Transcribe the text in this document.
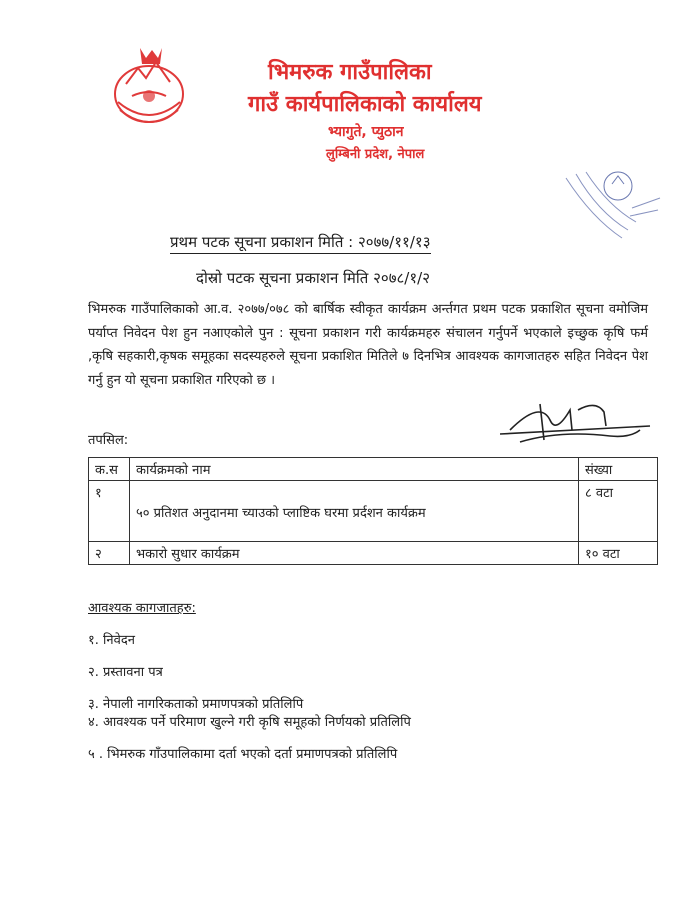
भिमरुक गाउँपालिका
गाउँ कार्यपालिकाको कार्यालय
भ्यागुते, प्युठान
लुम्बिनी प्रदेश, नेपाल
प्रथम पटक सूचना प्रकाशन मिति : २०७७/११/१३
दोस्रो पटक सूचना प्रकाशन मिति २०७८/१/२
भिमरुक गाउँपालिकाको आ.व. २०७७/०७८ को बार्षिक स्वीकृत कार्यक्रम अर्न्तगत प्रथम पटक प्रकाशित सूचना वमोजिम पर्याप्त निवेदन पेश हुन नआएकोले पुन : सूचना प्रकाशन गरी कार्यक्रमहरु संचालन गर्नुपर्ने भएकाले इच्छुक कृषि फर्म ,कृषि सहकारी,कृषक समूहका सदस्यहरुले सूचना प्रकाशित मितिले ७ दिनभित्र आवश्यक कागजातहरु सहित निवेदन पेश गर्नु हुन यो सूचना प्रकाशित गरिएको छ ।
तपसिल:
क.स	कार्यक्रमको नाम	संख्या
१	५० प्रतिशत अनुदानमा च्याउको प्लाष्टिक घरमा प्रर्दशन कार्यक्रम	८ वटा
२	भकारो सुधार कार्यक्रम	१० वटा
आवश्यक कागजातहरु:
१. निवेदन
२. प्रस्तावना पत्र
३. नेपाली नागरिकताको प्रमाणपत्रको प्रतिलिपि
४. आवश्यक पर्ने परिमाण खुल्ने गरी कृषि समूहको निर्णयको प्रतिलिपि
५ . भिमरुक गाँउपालिकामा दर्ता भएको दर्ता प्रमाणपत्रको प्रतिलिपि
